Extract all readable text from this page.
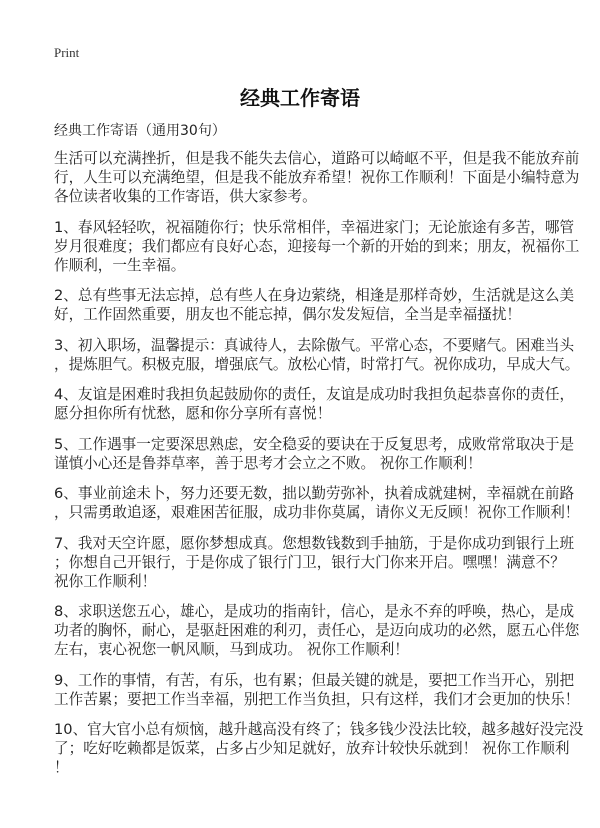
Print
经典工作寄语
经典工作寄语（通用30句）

生活可以充满挫折，但是我不能失去信心，道路可以崎岖不平，但是我不能放弃前
行，人生可以充满绝望，但是我不能放弃希望！祝你工作顺利！下面是小编特意为
各位读者收集的工作寄语，供大家参考。

1、春风轻轻吹，祝福随你行；快乐常相伴，幸福进家门；无论旅途有多苦，哪管
岁月很难度；我们都应有良好心态，迎接每一个新的开始的到来；朋友，祝福你工
作顺利，一生幸福。

2、总有些事无法忘掉，总有些人在身边萦绕，相逢是那样奇妙，生活就是这么美
好，工作固然重要，朋友也不能忘掉，偶尔发发短信，全当是幸福搔扰！

3、初入职场，温馨提示：真诚待人，去除傲气。平常心态，不要赌气。困难当头
，提炼胆气。积极克服，增强底气。放松心情，时常打气。祝你成功，早成大气。

4、友谊是困难时我担负起鼓励你的责任，友谊是成功时我担负起恭喜你的责任，
愿分担你所有忧愁，愿和你分享所有喜悦！

5、工作遇事一定要深思熟虑，安全稳妥的要诀在于反复思考，成败常常取决于是
谨慎小心还是鲁莽草率，善于思考才会立之不败。 祝你工作顺利！

6、事业前途未卜，努力还要无数，拙以勤劳弥补，执着成就建树，幸福就在前路
，只需勇敢追逐，艰难困苦征服，成功非你莫属，请你义无反顾！祝你工作顺利！

7、我对天空许愿，愿你梦想成真。您想数钱数到手抽筋，于是你成功到银行上班
；你想自己开银行，于是你成了银行门卫，银行大门你来开启。嘿嘿！满意不？
祝你工作顺利！

8、求职送您五心，雄心，是成功的指南针，信心，是永不弃的呼唤，热心，是成
功者的胸怀，耐心，是驱赶困难的利刃，责任心，是迈向成功的必然，愿五心伴您
左右，衷心祝您一帆风顺，马到成功。 祝你工作顺利！

9、工作的事情，有苦，有乐，也有累；但最关键的就是，要把工作当开心，别把
工作苦累；要把工作当幸福，别把工作当负担，只有这样，我们才会更加的快乐！

10、官大官小总有烦恼，越升越高没有终了；钱多钱少没法比较，越多越好没完没
了；吃好吃赖都是饭菜，占多占少知足就好，放弃计较快乐就到！ 祝你工作顺利
！
